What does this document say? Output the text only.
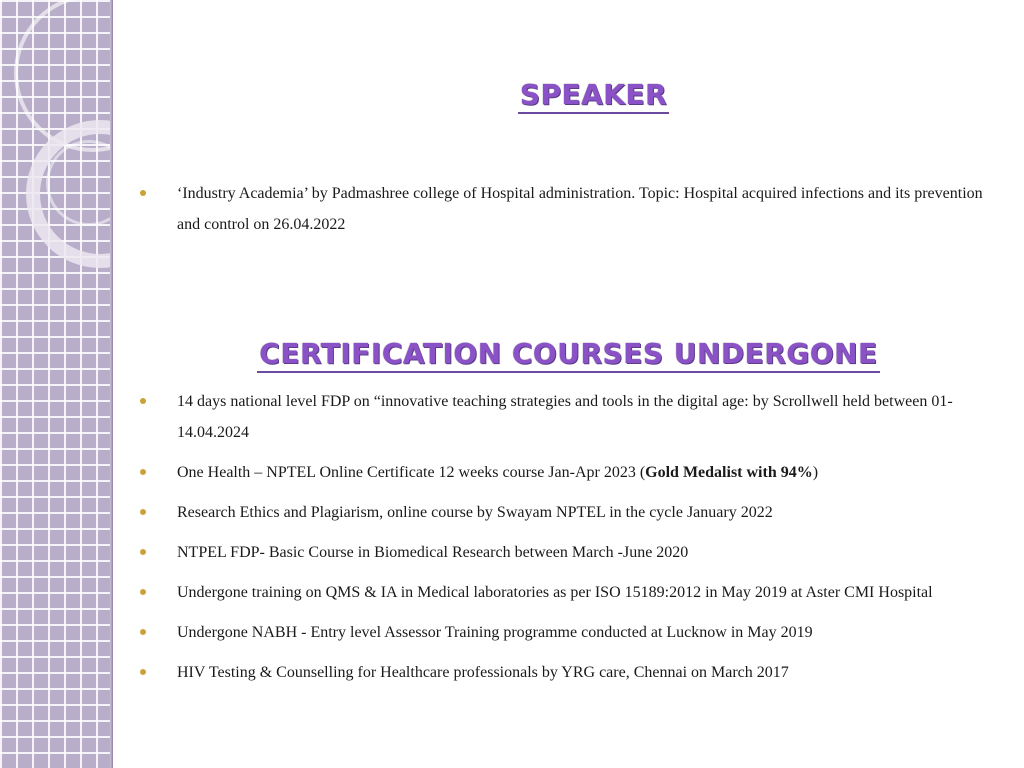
SPEAKER
‘Industry Academia’ by Padmashree college of Hospital administration. Topic: Hospital acquired infections and its prevention and control on 26.04.2022
CERTIFICATION COURSES UNDERGONE
14 days national level FDP on “innovative teaching strategies and tools in the digital age: by Scrollwell held between 01-14.04.2024
One Health – NPTEL Online Certificate 12 weeks course Jan-Apr 2023 (Gold Medalist with 94%)
Research Ethics and Plagiarism, online course by Swayam NPTEL in the cycle January 2022
NTPEL FDP- Basic Course in Biomedical Research between March -June 2020
Undergone training on QMS & IA in Medical laboratories as per ISO 15189:2012 in May 2019 at Aster CMI Hospital
Undergone NABH - Entry level Assessor Training programme conducted at Lucknow in May 2019
HIV Testing & Counselling for Healthcare professionals by YRG care, Chennai on March 2017
